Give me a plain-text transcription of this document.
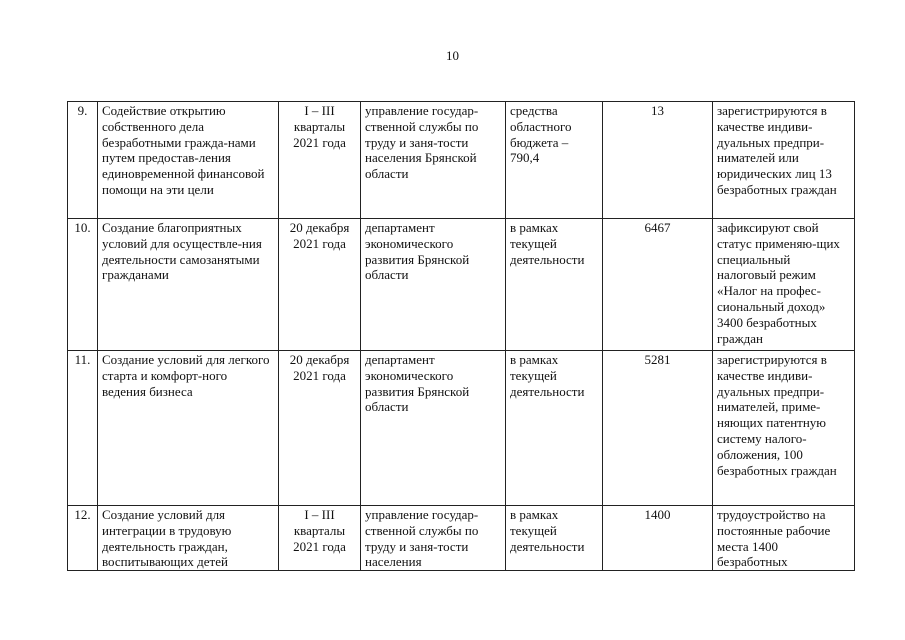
10
9.	Содействие открытию собственного дела безработными гражда-нами путем предостав-ления единовременной финансовой помощи на эти цели	I – III кварталы 2021 года	управление государ-ственной службы по труду и заня-тости населения Брянской области	средства областного бюджета – 790,4	13	зарегистрируются в качестве индиви-дуальных предпри-нимателей или юридических лиц 13 безработных граждан
10.	Создание благоприятных условий для осуществле-ния деятельности самозанятыми гражданами	20 декабря 2021 года	департамент экономического развития Брянской области	в рамках текущей деятельности	6467	зафиксируют свой статус применяю-щих специальный налоговый режим «Налог на профес-сиональный доход» 3400 безработных граждан
11.	Создание условий для легкого старта и комфорт-ного ведения бизнеса	20 декабря 2021 года	департамент экономического развития Брянской области	в рамках текущей деятельности	5281	зарегистрируются в качестве индиви-дуальных предпри-нимателей, приме-няющих патентную систему налого-обложения, 100 безработных граждан
12.	Создание условий для интеграции в трудовую деятельность граждан, воспитывающих детей	I – III кварталы 2021 года	управление государ-ственной службы по труду и заня-тости населения	в рамках текущей деятельности	1400	трудоустройство на постоянные рабочие места 1400 безработных
